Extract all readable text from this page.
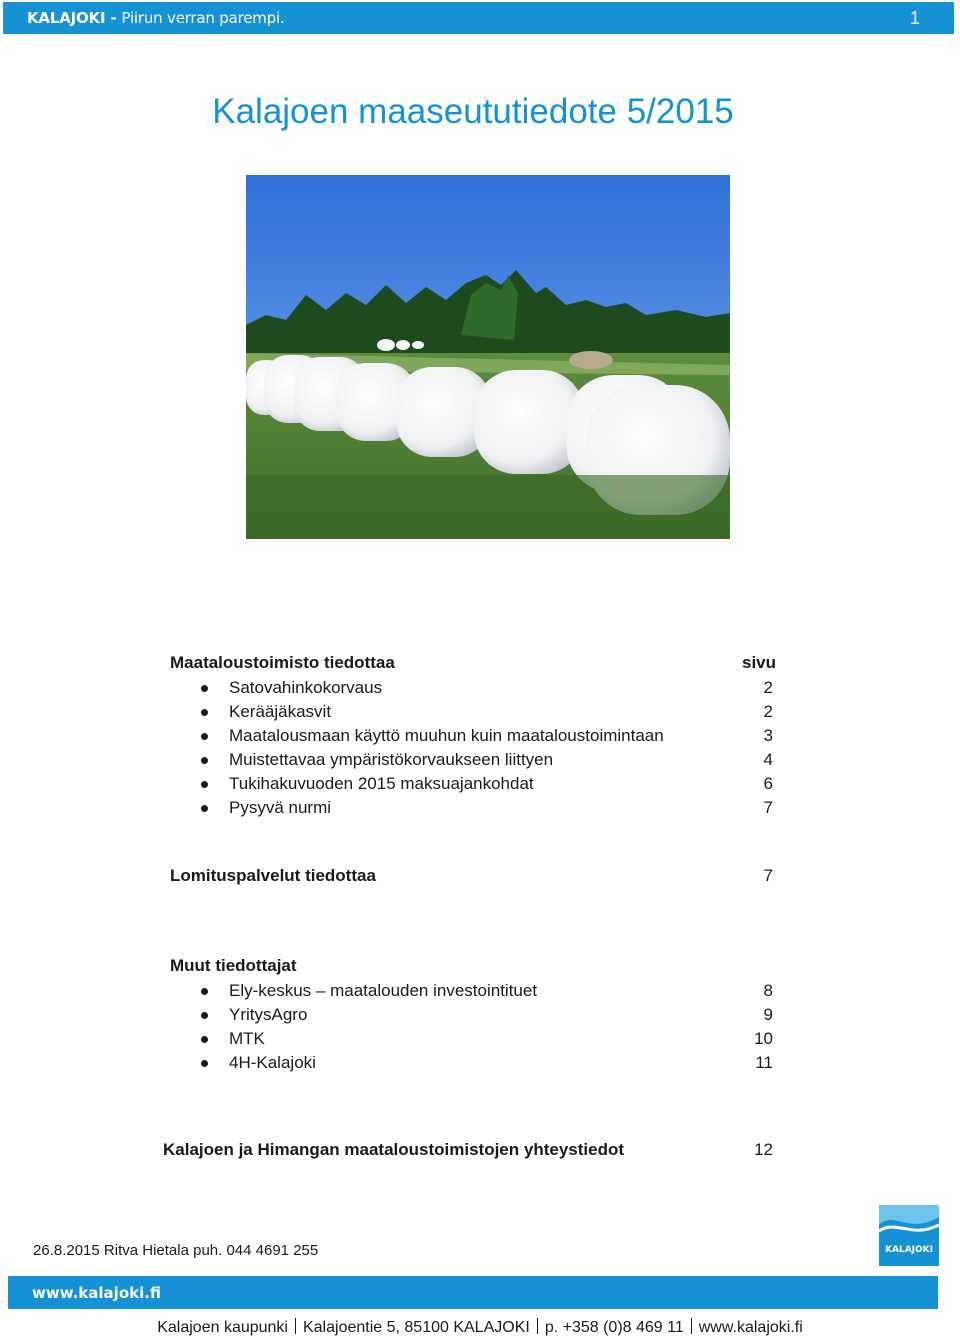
KALAJOKI - Piirun verran parempi.	1
Kalajoen maaseututiedote 5/2015
Maataloustoimisto tiedottaa	sivu
Satovahinkokorvaus	2
Kerääjäkasvit	2
Maatalousmaan käyttö muuhun kuin maataloustoimintaan	3
Muistettavaa ympäristökorvaukseen liittyen	4
Tukihakuvuoden 2015 maksuajankohdat	6
Pysyvä nurmi	7
Lomituspalvelut tiedottaa	7
Muut tiedottajat
Ely-keskus – maatalouden investointituet	8
YritysAgro	9
MTK	10
4H-Kalajoki	11
Kalajoen ja Himangan maataloustoimistojen yhteystiedot	12
26.8.2015 Ritva Hietala puh. 044 4691 255	KALAJOKI
www.kalajoki.fi
Kalajoen kaupunki Kalajoentie 5, 85100 KALAJOKI p. +358 (0)8 469 11 www.kalajoki.fi
